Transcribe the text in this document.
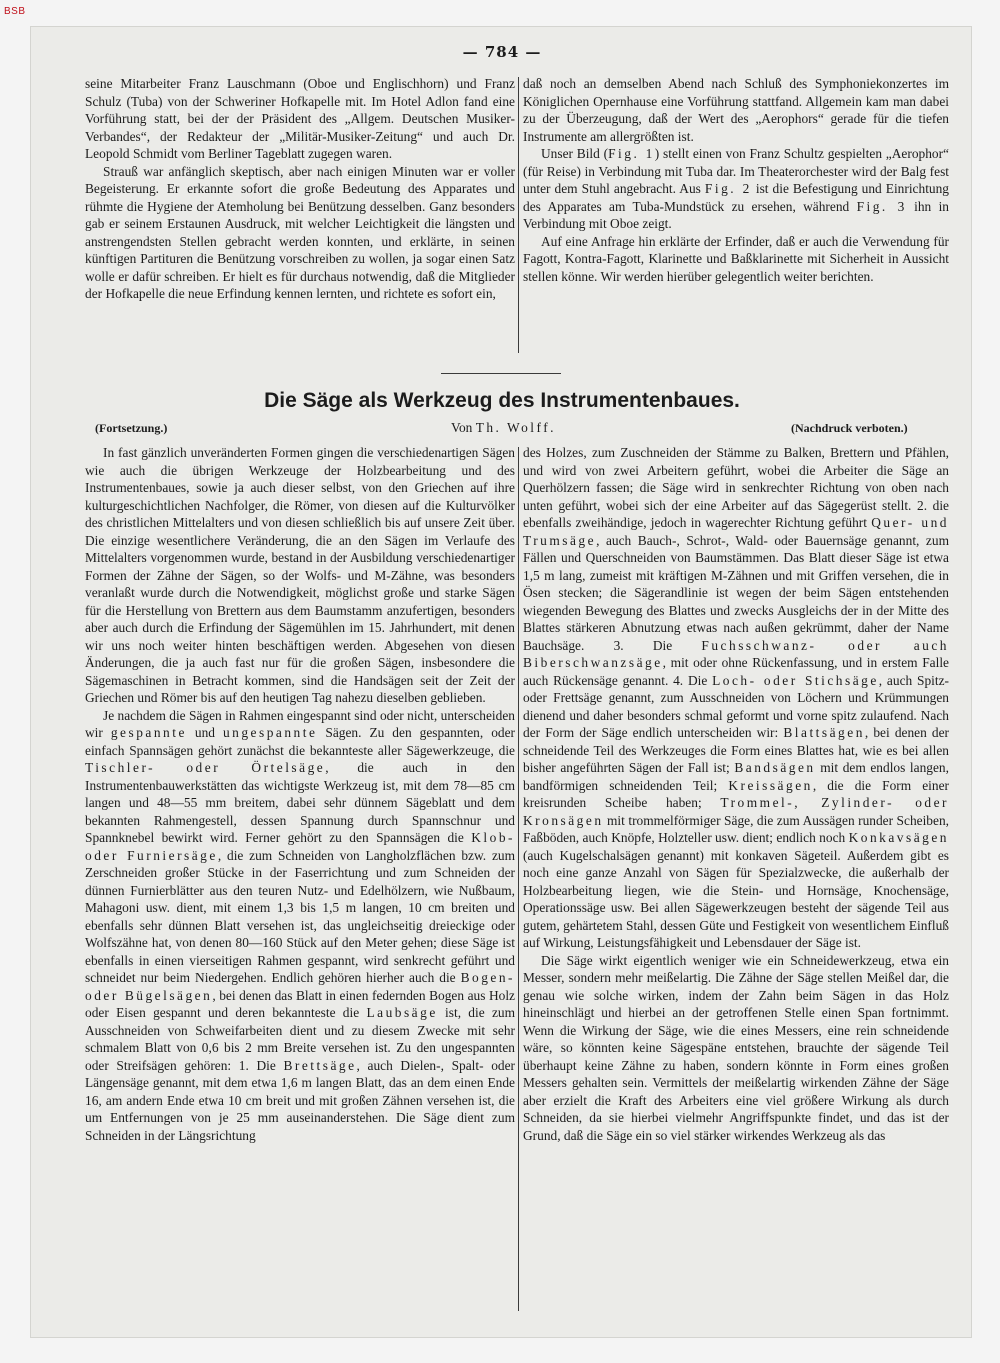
BSB
— 784 —

seine Mitarbeiter Franz Lauschmann (Oboe und Englischhorn) und Franz Schulz (Tuba) von der Schweriner Hofkapelle mit. Im Hotel Adlon fand eine Vorführung statt, bei der der Präsident des „Allgem. Deutschen Musiker-Verbandes“, der Redakteur der „Militär-Musiker-Zeitung“ und auch Dr. Leopold Schmidt vom Berliner Tageblatt zugegen waren.

Strauß war anfänglich skeptisch, aber nach einigen Minuten war er voller Begeisterung. Er erkannte sofort die große Bedeutung des Apparates und rühmte die Hygiene der Atemholung bei Benützung desselben. Ganz besonders gab er seinem Erstaunen Ausdruck, mit welcher Leichtigkeit die längsten und anstrengendsten Stellen gebracht werden konnten, und erklärte, in seinen künftigen Partituren die Benützung vorschreiben zu wollen, ja sogar einen Satz wolle er dafür schreiben. Er hielt es für durchaus notwendig, daß die Mitglieder der Hofkapelle die neue Erfindung kennen lernten, und richtete es sofort ein,

daß noch an demselben Abend nach Schluß des Symphoniekonzertes im Königlichen Opernhause eine Vorführung stattfand. Allgemein kam man dabei zu der Überzeugung, daß der Wert des „Aerophors“ gerade für die tiefen Instrumente am allergrößten ist.

Unser Bild (Fig. 1) stellt einen von Franz Schultz gespielten „Aerophor“ (für Reise) in Verbindung mit Tuba dar. Im Theaterorchester wird der Balg fest unter dem Stuhl angebracht. Aus Fig. 2 ist die Befestigung und Einrichtung des Apparates am Tuba-Mundstück zu ersehen, während Fig. 3 ihn in Verbindung mit Oboe zeigt.

Auf eine Anfrage hin erklärte der Erfinder, daß er auch die Verwendung für Fagott, Kontra-Fagott, Klarinette und Baßklarinette mit Sicherheit in Aussicht stellen könne. Wir werden hierüber gelegentlich weiter berichten.

Die Säge als Werkzeug des Instrumentenbaues.
(Fortsetzung.)	Von Th. Wolff.	(Nachdruck verboten.)

In fast gänzlich unveränderten Formen gingen die verschiedenartigen Sägen wie auch die übrigen Werkzeuge der Holzbearbeitung und des Instrumentenbaues, sowie ja auch dieser selbst, von den Griechen auf ihre kulturgeschichtlichen Nachfolger, die Römer, von diesen auf die Kulturvölker des christlichen Mittelalters und von diesen schließlich bis auf unsere Zeit über. Die einzige wesentlichere Veränderung, die an den Sägen im Verlaufe des Mittelalters vorgenommen wurde, bestand in der Ausbildung verschiedenartiger Formen der Zähne der Sägen, so der Wolfs- und M-Zähne, was besonders veranlaßt wurde durch die Notwendigkeit, möglichst große und starke Sägen für die Herstellung von Brettern aus dem Baumstamm anzufertigen, besonders aber auch durch die Erfindung der Sägemühlen im 15. Jahrhundert, mit denen wir uns noch weiter hinten beschäftigen werden. Abgesehen von diesen Änderungen, die ja auch fast nur für die großen Sägen, insbesondere die Sägemaschinen in Betracht kommen, sind die Handsägen seit der Zeit der Griechen und Römer bis auf den heutigen Tag nahezu dieselben geblieben.

Je nachdem die Sägen in Rahmen eingespannt sind oder nicht, unterscheiden wir gespannte und ungespannte Sägen. Zu den gespannten, oder einfach Spannsägen gehört zunächst die bekannteste aller Sägewerkzeuge, die Tischler- oder Örtelsäge, die auch in den Instrumentenbauwerkstätten das wichtigste Werkzeug ist, mit dem 78—85 cm langen und 48—55 mm breitem, dabei sehr dünnem Sägeblatt und dem bekannten Rahmengestell, dessen Spannung durch Spannschnur und Spannknebel bewirkt wird. Ferner gehört zu den Spannsägen die Klob- oder Furniersäge, die zum Schneiden von Langholzflächen bzw. zum Zerschneiden großer Stücke in der Faserrichtung und zum Schneiden der dünnen Furnierblätter aus den teuren Nutz- und Edelhölzern, wie Nußbaum, Mahagoni usw. dient, mit einem 1,3 bis 1,5 m langen, 10 cm breiten und ebenfalls sehr dünnen Blatt versehen ist, das ungleichseitig dreieckige oder Wolfszähne hat, von denen 80—160 Stück auf den Meter gehen; diese Säge ist ebenfalls in einen vierseitigen Rahmen gespannt, wird senkrecht geführt und schneidet nur beim Niedergehen. Endlich gehören hierher auch die Bogen- oder Bügelsägen, bei denen das Blatt in einen federnden Bogen aus Holz oder Eisen gespannt und deren bekannteste die Laubsäge ist, die zum Ausschneiden von Schweifarbeiten dient und zu diesem Zwecke mit sehr schmalem Blatt von 0,6 bis 2 mm Breite versehen ist. Zu den ungespannten oder Streifsägen gehören: 1. Die Brettsäge, auch Dielen-, Spalt- oder Längensäge genannt, mit dem etwa 1,6 m langen Blatt, das an dem einen Ende 16, am andern Ende etwa 10 cm breit und mit großen Zähnen versehen ist, die um Entfernungen von je 25 mm auseinanderstehen. Die Säge dient zum Schneiden in der Längsrichtung

des Holzes, zum Zuschneiden der Stämme zu Balken, Brettern und Pfählen, und wird von zwei Arbeitern geführt, wobei die Arbeiter die Säge an Querhölzern fassen; die Säge wird in senkrechter Richtung von oben nach unten geführt, wobei sich der eine Arbeiter auf das Sägegerüst stellt. 2. die ebenfalls zweihändige, jedoch in wagerechter Richtung geführt Quer- und Trumsäge, auch Bauch-, Schrot-, Wald- oder Bauernsäge genannt, zum Fällen und Querschneiden von Baumstämmen. Das Blatt dieser Säge ist etwa 1,5 m lang, zumeist mit kräftigen M-Zähnen und mit Griffen versehen, die in Ösen stecken; die Sägerandlinie ist wegen der beim Sägen entstehenden wiegenden Bewegung des Blattes und zwecks Ausgleichs der in der Mitte des Blattes stärkeren Abnutzung etwas nach außen gekrümmt, daher der Name Bauchsäge. 3. Die Fuchsschwanz- oder auch Biberschwanzsäge, mit oder ohne Rückenfassung, und in erstem Falle auch Rückensäge genannt. 4. Die Loch- oder Stichsäge, auch Spitz- oder Frettsäge genannt, zum Ausschneiden von Löchern und Krümmungen dienend und daher besonders schmal geformt und vorne spitz zulaufend. Nach der Form der Säge endlich unterscheiden wir: Blattsägen, bei denen der schneidende Teil des Werkzeuges die Form eines Blattes hat, wie es bei allen bisher angeführten Sägen der Fall ist; Bandsägen mit dem endlos langen, bandförmigen schneidenden Teil; Kreissägen, die die Form einer kreisrunden Scheibe haben; Trommel-, Zylinder- oder Kronsägen mit trommelförmiger Säge, die zum Aussägen runder Scheiben, Faßböden, auch Knöpfe, Holzteller usw. dient; endlich noch Konkavsägen (auch Kugelschalsägen genannt) mit konkaven Sägeteil. Außerdem gibt es noch eine ganze Anzahl von Sägen für Spezialzwecke, die außerhalb der Holzbearbeitung liegen, wie die Stein- und Hornsäge, Knochensäge, Operationssäge usw. Bei allen Sägewerkzeugen besteht der sägende Teil aus gutem, gehärtetem Stahl, dessen Güte und Festigkeit von wesentlichem Einfluß auf Wirkung, Leistungsfähigkeit und Lebensdauer der Säge ist.

Die Säge wirkt eigentlich weniger wie ein Schneidewerkzeug, etwa ein Messer, sondern mehr meißelartig. Die Zähne der Säge stellen Meißel dar, die genau wie solche wirken, indem der Zahn beim Sägen in das Holz hineinschlägt und hierbei an der getroffenen Stelle einen Span fortnimmt. Wenn die Wirkung der Säge, wie die eines Messers, eine rein schneidende wäre, so könnten keine Sägespäne entstehen, brauchte der sägende Teil überhaupt keine Zähne zu haben, sondern könnte in Form eines großen Messers gehalten sein. Vermittels der meißelartig wirkenden Zähne der Säge aber erzielt die Kraft des Arbeiters eine viel größere Wirkung als durch Schneiden, da sie hierbei vielmehr Angriffspunkte findet, und das ist der Grund, daß die Säge ein so viel stärker wirkendes Werkzeug als das
